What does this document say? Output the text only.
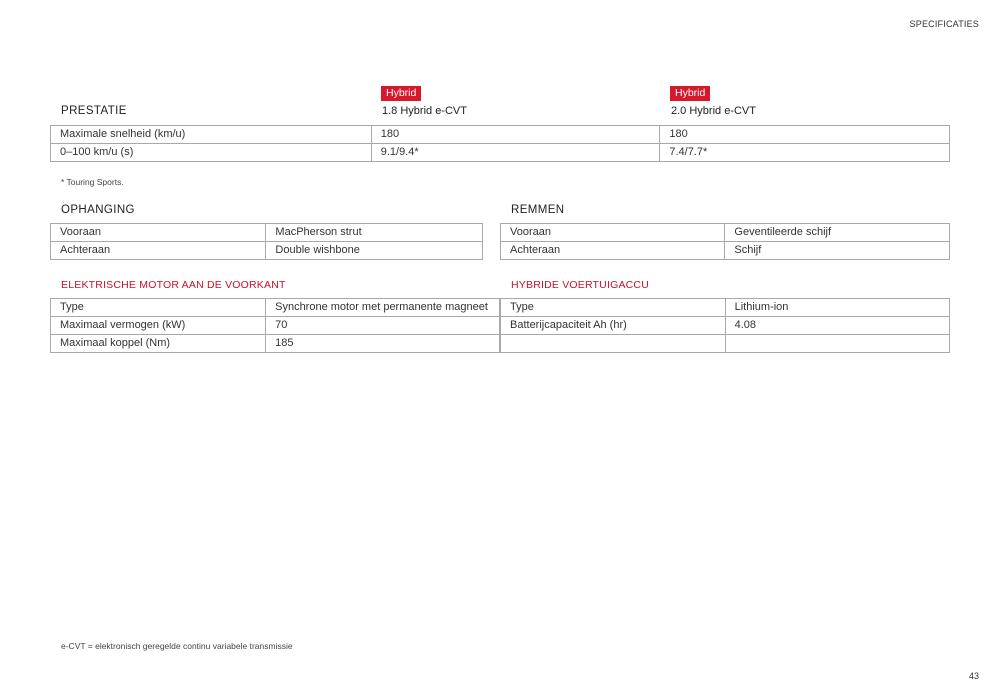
SPECIFICATIES
PRESTATIE
Hybrid
1.8 Hybrid e-CVT
Hybrid
2.0 Hybrid e-CVT
Maximale snelheid (km/u)	180	180
0–100 km/u (s)	9.1/9.4*	7.4/7.7*
* Touring Sports.
OPHANGING
Vooraan	MacPherson strut
Achteraan	Double wishbone
REMMEN
Vooraan	Geventileerde schijf
Achteraan	Schijf
ELEKTRISCHE MOTOR AAN DE VOORKANT
Type	Synchrone motor met permanente magneet
Maximaal vermogen (kW)	70
Maximaal koppel (Nm)	185
HYBRIDE VOERTUIGACCU
Type	Lithium-ion
Batterijcapaciteit Ah (hr)	4.08

e-CVT = elektronisch geregelde continu variabele transmissie
43
